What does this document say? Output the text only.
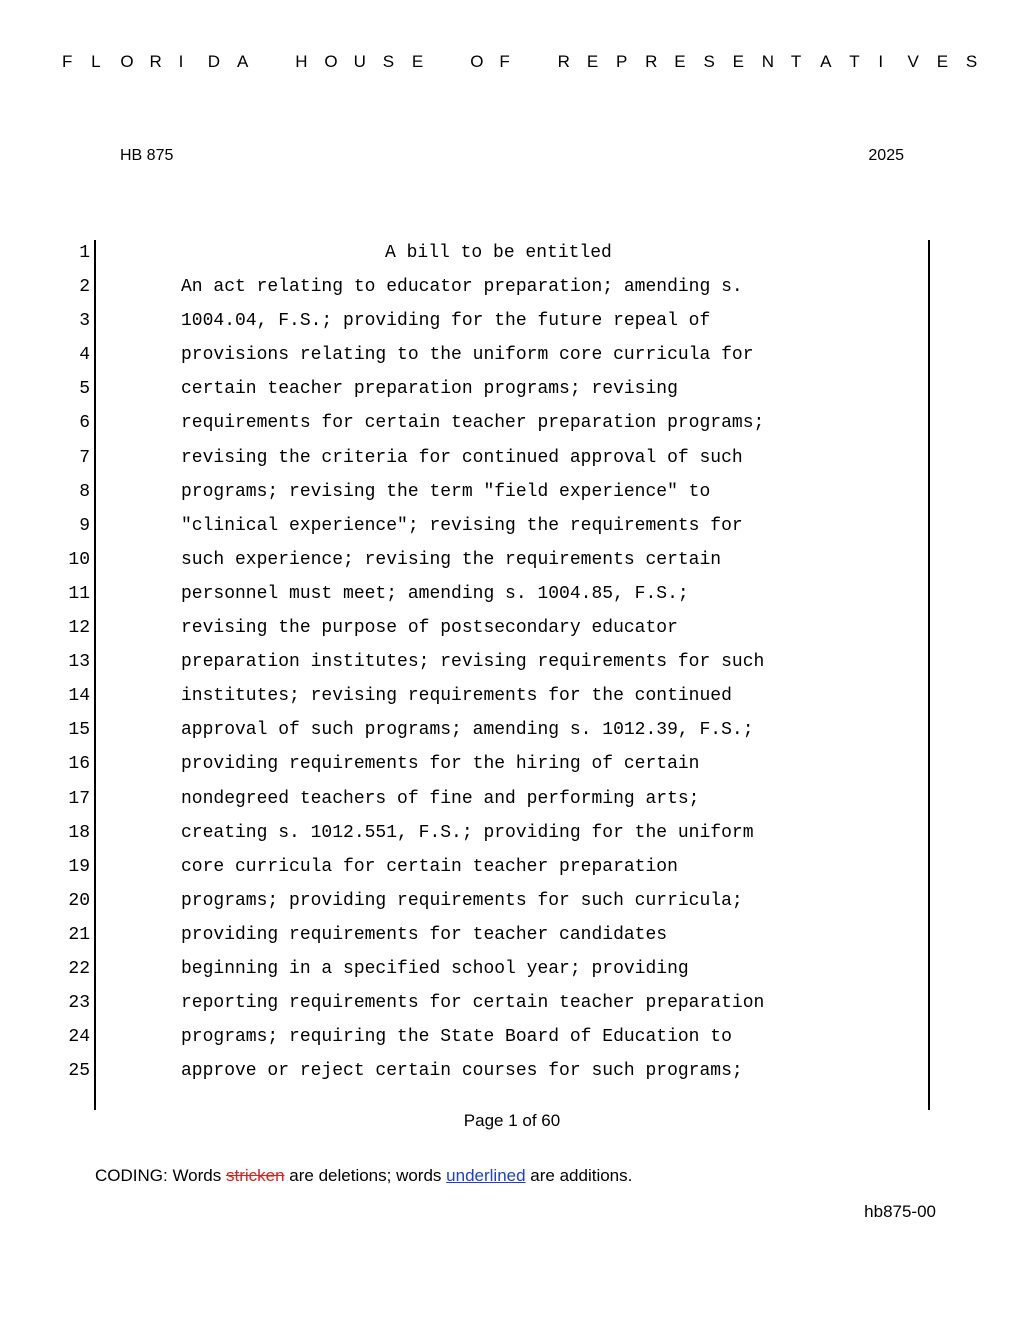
F L O R I D A	H O U S E	O F	R E P R E S E N T A T I V E S
HB 875	2025
1	A bill to be entitled
2	An act relating to educator preparation; amending s.
3	1004.04, F.S.; providing for the future repeal of
4	provisions relating to the uniform core curricula for
5	certain teacher preparation programs; revising
6	requirements for certain teacher preparation programs;
7	revising the criteria for continued approval of such
8	programs; revising the term "field experience" to
9	"clinical experience"; revising the requirements for
10	such experience; revising the requirements certain
11	personnel must meet; amending s. 1004.85, F.S.;
12	revising the purpose of postsecondary educator
13	preparation institutes; revising requirements for such
14	institutes; revising requirements for the continued
15	approval of such programs; amending s. 1012.39, F.S.;
16	providing requirements for the hiring of certain
17	nondegreed teachers of fine and performing arts;
18	creating s. 1012.551, F.S.; providing for the uniform
19	core curricula for certain teacher preparation
20	programs; providing requirements for such curricula;
21	providing requirements for teacher candidates
22	beginning in a specified school year; providing
23	reporting requirements for certain teacher preparation
24	programs; requiring the State Board of Education to
25	approve or reject certain courses for such programs;
Page 1 of 60
CODING: Words stricken are deletions; words underlined are additions.
hb875-00
